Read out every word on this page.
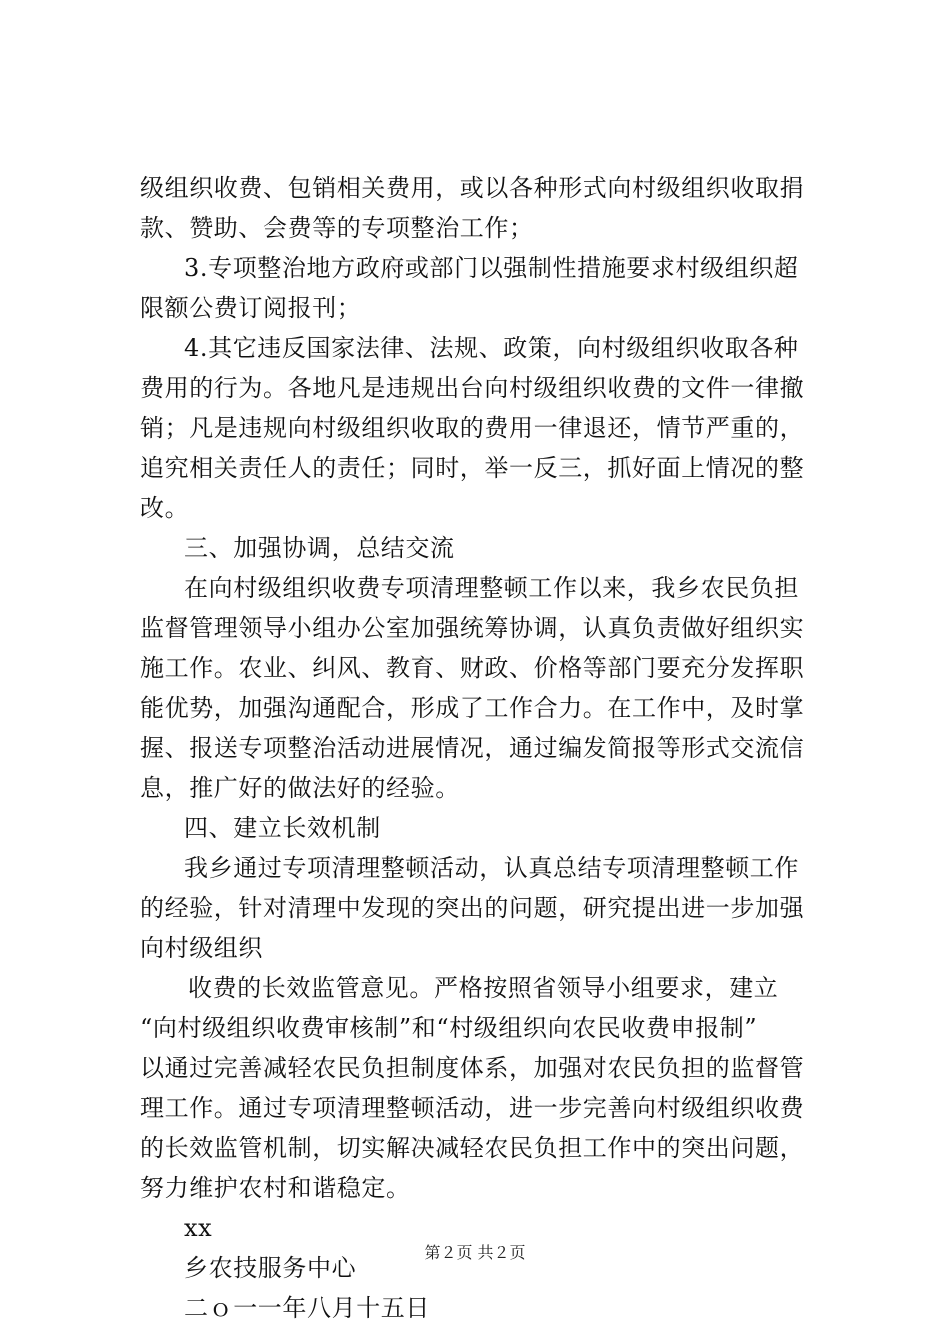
级组织收费、包销相关费用，或以各种形式向村级组织收取捐
款、赞助、会费等的专项整治工作；
3.专项整治地方政府或部门以强制性措施要求村级组织超
限额公费订阅报刊；
4.其它违反国家法律、法规、政策，向村级组织收取各种
费用的行为。各地凡是违规出台向村级组织收费的文件一律撤
销；凡是违规向村级组织收取的费用一律退还，情节严重的，
追究相关责任人的责任；同时，举一反三，抓好面上情况的整
改。
三、加强协调，总结交流
在向村级组织收费专项清理整顿工作以来，我乡农民负担
监督管理领导小组办公室加强统筹协调，认真负责做好组织实
施工作。农业、纠风、教育、财政、价格等部门要充分发挥职
能优势，加强沟通配合，形成了工作合力。在工作中，及时掌
握、报送专项整治活动进展情况，通过编发简报等形式交流信
息，推广好的做法好的经验。
四、建立长效机制
我乡通过专项清理整顿活动，认真总结专项清理整顿工作
的经验，针对清理中发现的突出的问题，研究提出进一步加强
向村级组织
收费的长效监管意见。严格按照省领导小组要求，建立
“向村级组织收费审核制”和“村级组织向农民收费申报制”
以通过完善减轻农民负担制度体系，加强对农民负担的监督管
理工作。通过专项清理整顿活动，进一步完善向村级组织收费
的长效监管机制，切实解决减轻农民负担工作中的突出问题，
努力维护农村和谐稳定。
xx
乡农技服务中心
二ｏ一一年八月十五日
第２页 共２页
